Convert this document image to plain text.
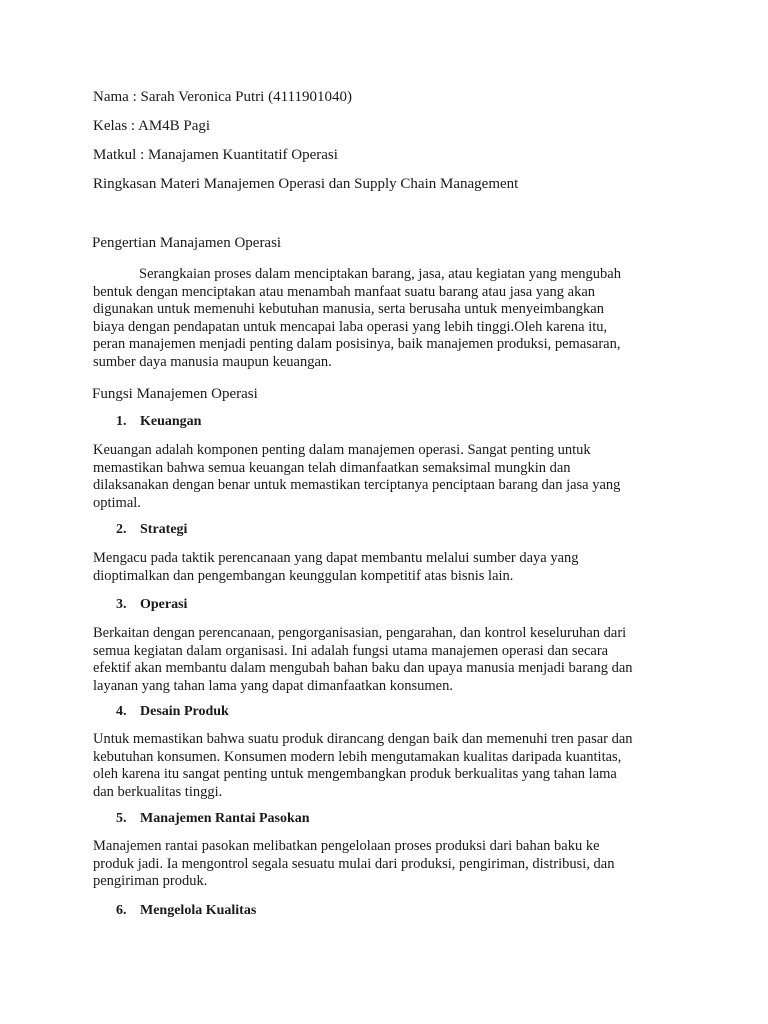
Nama : Sarah Veronica Putri (4111901040)
Kelas : AM4B Pagi
Matkul : Manajamen Kuantitatif Operasi
Ringkasan Materi Manajemen Operasi dan Supply Chain Management
Pengertian Manajamen Operasi
Serangkaian proses dalam menciptakan barang, jasa, atau kegiatan yang mengubah
bentuk dengan menciptakan atau menambah manfaat suatu barang atau jasa yang akan
digunakan untuk memenuhi kebutuhan manusia, serta berusaha untuk menyeimbangkan
biaya dengan pendapatan untuk mencapai laba operasi yang lebih tinggi.Oleh karena itu,
peran manajemen menjadi penting dalam posisinya, baik manajemen produksi, pemasaran,
sumber daya manusia maupun keuangan.
Fungsi Manajemen Operasi
1. Keuangan
Keuangan adalah komponen penting dalam manajemen operasi. Sangat penting untuk
memastikan bahwa semua keuangan telah dimanfaatkan semaksimal mungkin dan
dilaksanakan dengan benar untuk memastikan terciptanya penciptaan barang dan jasa yang
optimal.
2. Strategi
Mengacu pada taktik perencanaan yang dapat membantu melalui sumber daya yang
dioptimalkan dan pengembangan keunggulan kompetitif atas bisnis lain.
3. Operasi
Berkaitan dengan perencanaan, pengorganisasian, pengarahan, dan kontrol keseluruhan dari
semua kegiatan dalam organisasi. Ini adalah fungsi utama manajemen operasi dan secara
efektif akan membantu dalam mengubah bahan baku dan upaya manusia menjadi barang dan
layanan yang tahan lama yang dapat dimanfaatkan konsumen.
4. Desain Produk
Untuk memastikan bahwa suatu produk dirancang dengan baik dan memenuhi tren pasar dan
kebutuhan konsumen. Konsumen modern lebih mengutamakan kualitas daripada kuantitas,
oleh karena itu sangat penting untuk mengembangkan produk berkualitas yang tahan lama
dan berkualitas tinggi.
5. Manajemen Rantai Pasokan
Manajemen rantai pasokan melibatkan pengelolaan proses produksi dari bahan baku ke
produk jadi. Ia mengontrol segala sesuatu mulai dari produksi, pengiriman, distribusi, dan
pengiriman produk.
6. Mengelola Kualitas
